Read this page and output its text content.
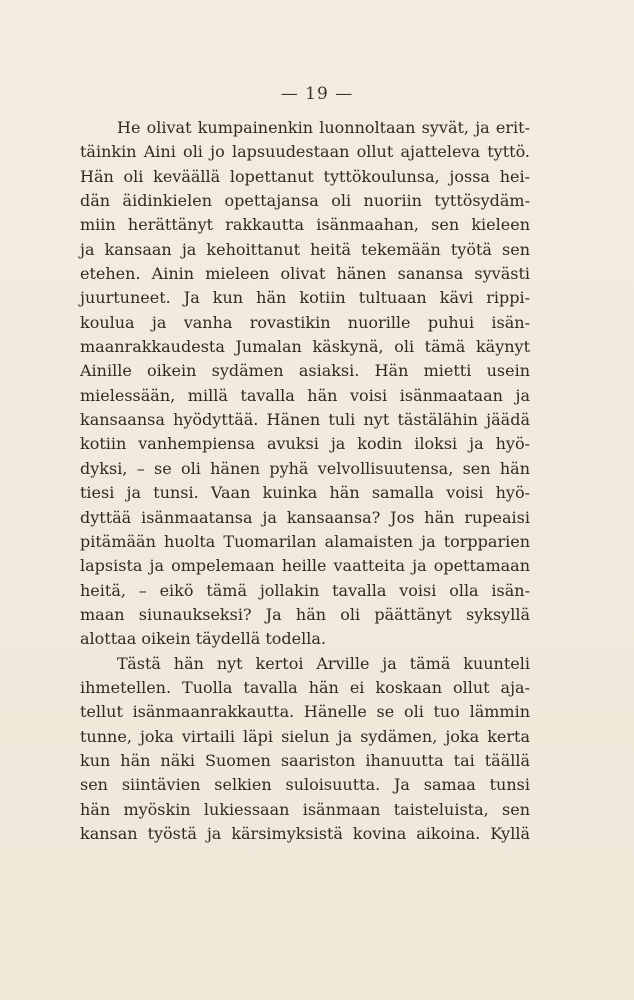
— 19 —
He olivat kumpainenkin luonnoltaan syvät, ja erit-
täinkin Aini oli jo lapsuudestaan ollut ajatteleva tyttö.
Hän oli keväällä lopettanut tyttökoulunsa, jossa hei-
dän äidinkielen opettajansa oli nuoriin tyttösydäm-
miin herättänyt rakkautta isänmaahan, sen kieleen
ja kansaan ja kehoittanut heitä tekemään työtä sen
etehen. Ainin mieleen olivat hänen sanansa syvästi
juurtuneet. Ja kun hän kotiin tultuaan kävi rippi-
koulua ja vanha rovastikin nuorille puhui isän-
maanrakkaudesta Jumalan käskynä, oli tämä käynyt
Ainille oikein sydämen asiaksi. Hän mietti usein
mielessään, millä tavalla hän voisi isänmaataan ja
kansaansa hyödyttää. Hänen tuli nyt tästälähin jäädä
kotiin vanhempiensa avuksi ja kodin iloksi ja hyö-
dyksi, – se oli hänen pyhä velvollisuutensa, sen hän
tiesi ja tunsi. Vaan kuinka hän samalla voisi hyö-
dyttää isänmaatansa ja kansaansa? Jos hän rupeaisi
pitämään huolta Tuomarilan alamaisten ja torpparien
lapsista ja ompelemaan heille vaatteita ja opettamaan
heitä, – eikö tämä jollakin tavalla voisi olla isän-
maan siunaukseksi? Ja hän oli päättänyt syksyllä
alottaa oikein täydellä todella.
Tästä hän nyt kertoi Arville ja tämä kuunteli
ihmetellen. Tuolla tavalla hän ei koskaan ollut aja-
tellut isänmaanrakkautta. Hänelle se oli tuo lämmin
tunne, joka virtaili läpi sielun ja sydämen, joka kerta
kun hän näki Suomen saariston ihanuutta tai täällä
sen siintävien selkien suloisuutta. Ja samaa tunsi
hän myöskin lukiessaan isänmaan taisteluista, sen
kansan työstä ja kärsimyksistä kovina aikoina. Kyllä
